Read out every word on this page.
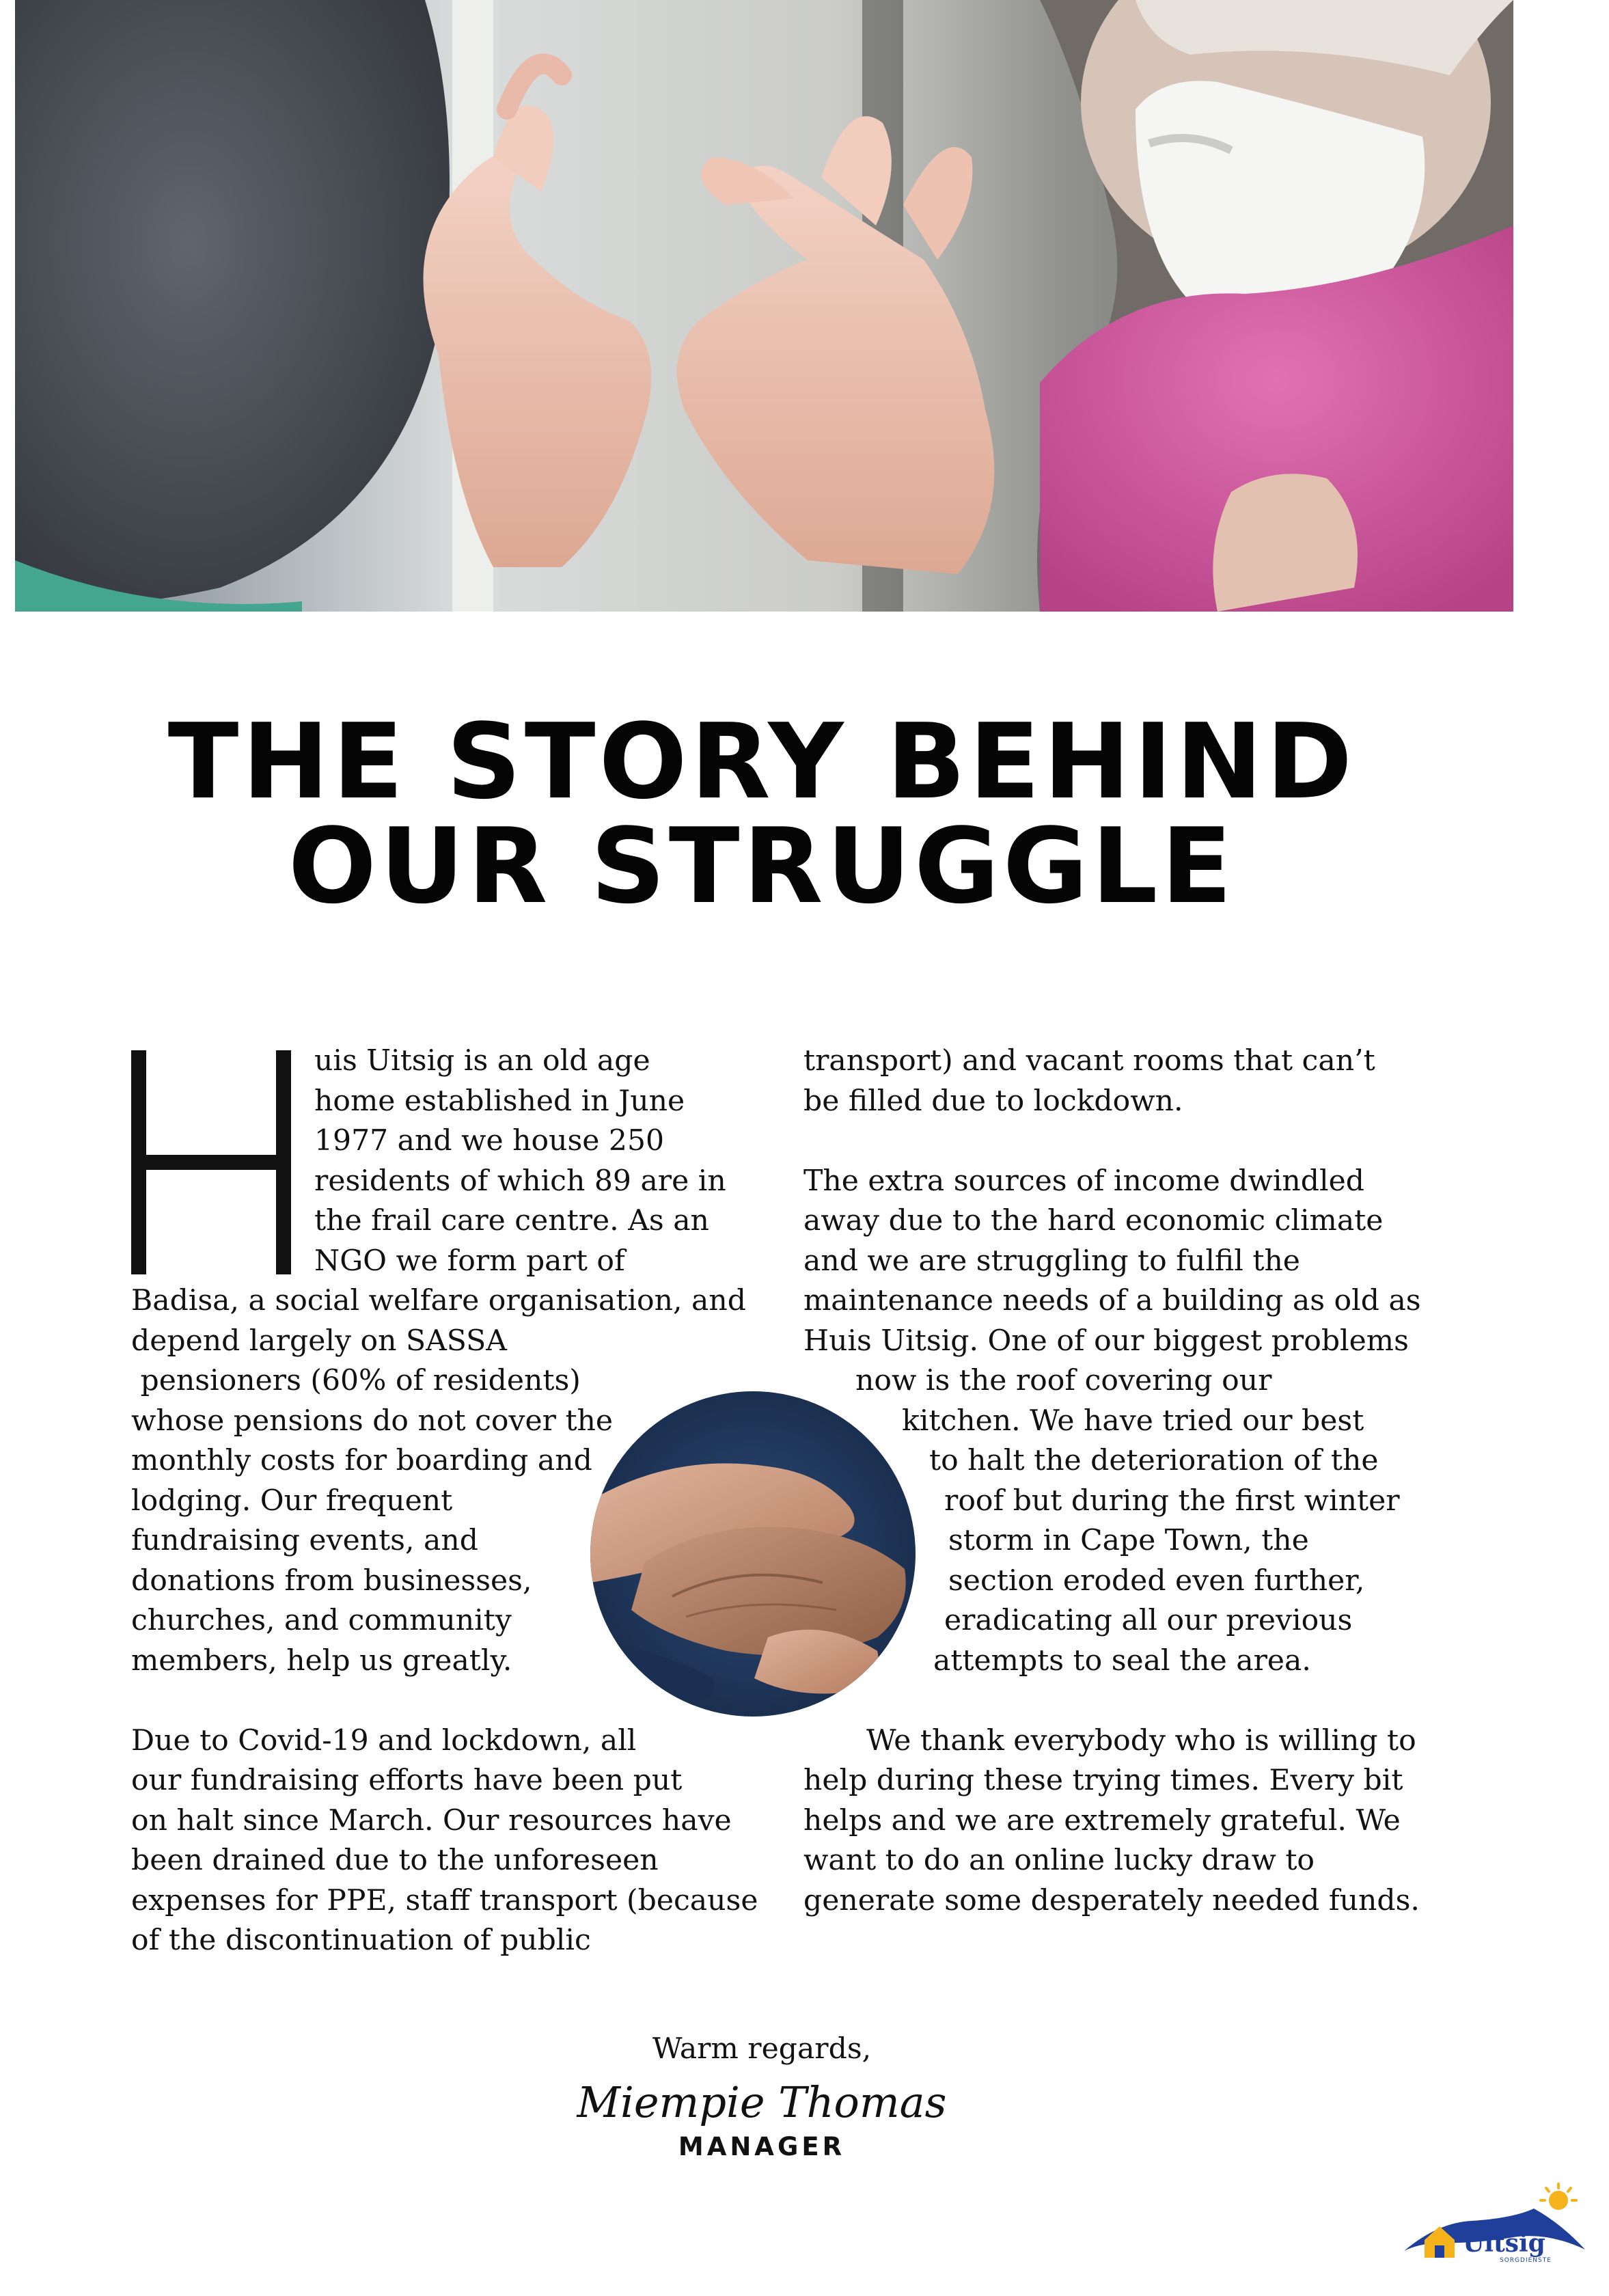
THE STORY BEHIND
OUR STRUGGLE
uis Uitsig is an old age
home established in June
1977 and we house 250
residents of which 89 are in
the frail care centre. As an
NGO we form part of
Badisa, a social welfare organisation, and
depend largely on SASSA
pensioners (60% of residents)
whose pensions do not cover the
monthly costs for boarding and
lodging. Our frequent
fundraising events, and
donations from businesses,
churches, and community
members, help us greatly.
Due to Covid-19 and lockdown, all
our fundraising efforts have been put
on halt since March. Our resources have
been drained due to the unforeseen
expenses for PPE, staff transport (because
of the discontinuation of public
transport) and vacant rooms that can’t
be filled due to lockdown.
The extra sources of income dwindled
away due to the hard economic climate
and we are struggling to fulfil the
maintenance needs of a building as old as
Huis Uitsig. One of our biggest problems
now is the roof covering our
kitchen. We have tried our best
to halt the deterioration of the
roof but during the first winter
storm in Cape Town, the
section eroded even further,
eradicating all our previous
attempts to seal the area.
We thank everybody who is willing to
help during these trying times. Every bit
helps and we are extremely grateful. We
want to do an online lucky draw to
generate some desperately needed funds.
Warm regards,
Miempie Thomas
MANAGER
Uitsig
SORGDIENSTE
